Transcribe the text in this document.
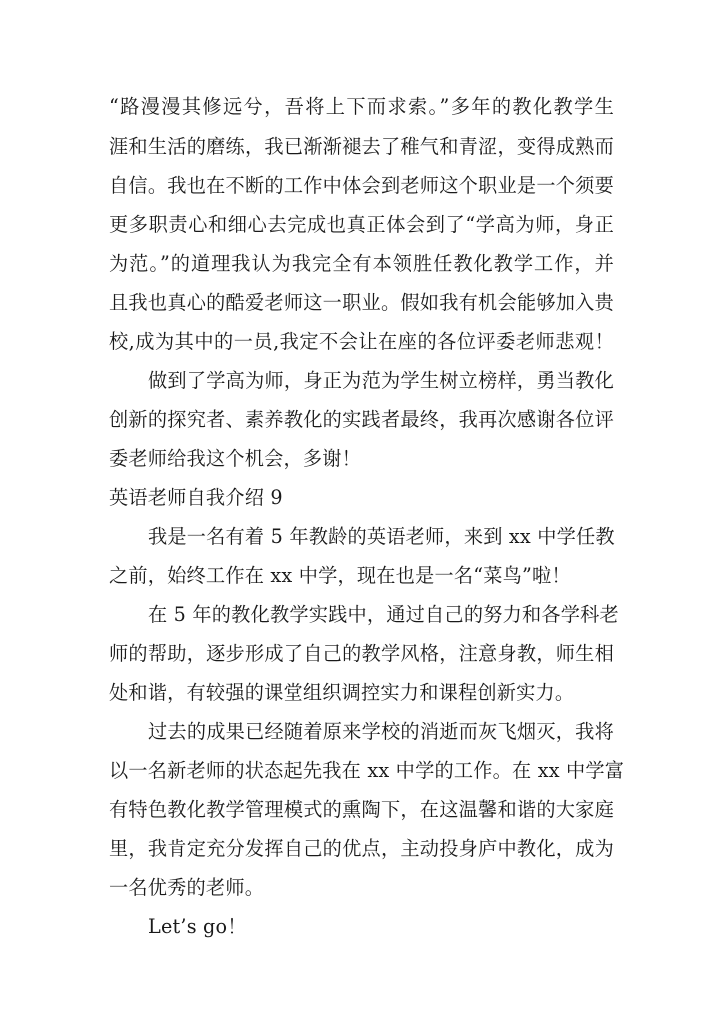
“路漫漫其修远兮，吾将上下而求索。”多年的教化教学生
涯和生活的磨练，我已渐渐褪去了稚气和青涩，变得成熟而
自信。我也在不断的工作中体会到老师这个职业是一个须要
更多职责心和细心去完成也真正体会到了“学高为师，身正
为范。”的道理我认为我完全有本领胜任教化教学工作，并
且我也真心的酷爱老师这一职业。假如我有机会能够加入贵
校,成为其中的一员,我定不会让在座的各位评委老师悲观！
做到了学高为师，身正为范为学生树立榜样，勇当教化
创新的探究者、素养教化的实践者最终，我再次感谢各位评
委老师给我这个机会，多谢！
英语老师自我介绍 9
我是一名有着 5 年教龄的英语老师，来到 xx 中学任教
之前，始终工作在 xx 中学，现在也是一名“菜鸟”啦！
在 5 年的教化教学实践中，通过自己的努力和各学科老
师的帮助，逐步形成了自己的教学风格，注意身教，师生相
处和谐，有较强的课堂组织调控实力和课程创新实力。
过去的成果已经随着原来学校的消逝而灰飞烟灭，我将
以一名新老师的状态起先我在 xx 中学的工作。在 xx 中学富
有特色教化教学管理模式的熏陶下，在这温馨和谐的大家庭
里，我肯定充分发挥自己的优点，主动投身庐中教化，成为
一名优秀的老师。
Let’s go！
